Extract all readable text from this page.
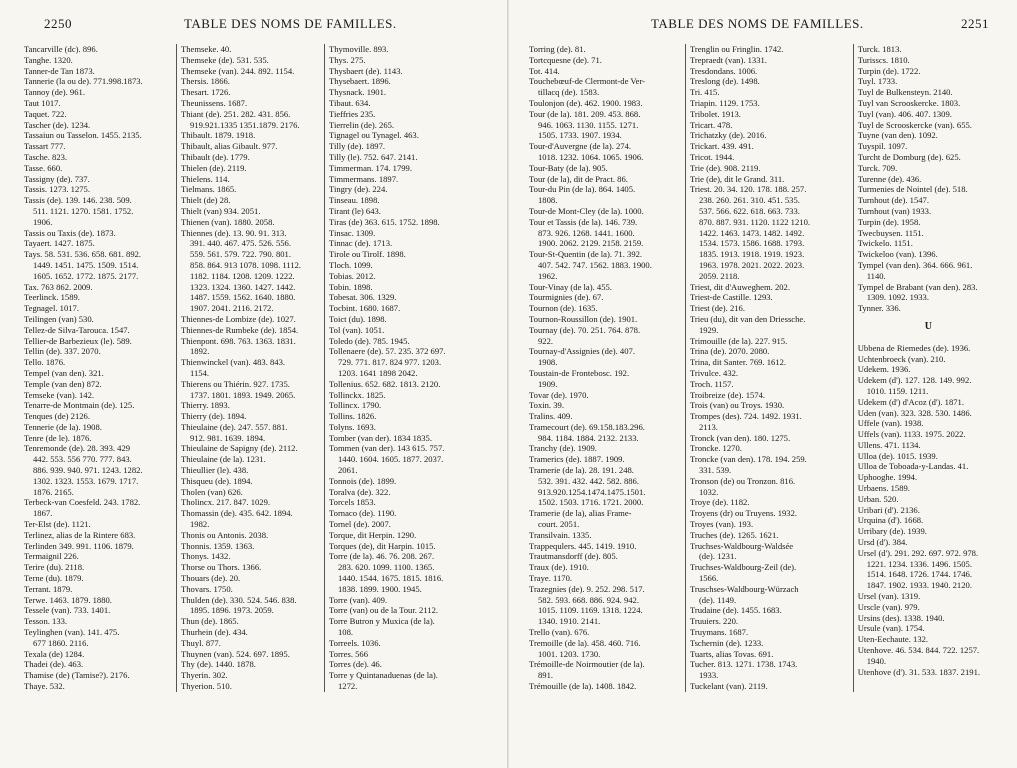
2250	TABLE DES NOMS DE FAMILLES.
Tancarville (dc). 896.
Tanghe. 1320.
Tanner-de Tan 1873.
Tannerie (la ou de). 771.998.1873.
Tannoy (de). 961.
Taut 1017.
Taquet. 722.
Tascher (de). 1234.
Tassaiun ou Tasselon. 1455. 2135.
Tassart 777.
Tasche. 823.
Tasse. 660.
Tassigny (de). 737.
Tassis. 1273. 1275.
Tassis (de). 139. 146. 238. 509.
511. 1121. 1270. 1581. 1752.
1906.
Tassis ou Taxis (de). 1873.
Tayaert. 1427. 1875.
Tays. 58. 531. 536. 658. 681. 892.
1449. 1451. 1475. 1509. 1514.
1605. 1652. 1772. 1875. 2177.
Tax. 763 862. 2009.
Teerlinck. 1589.
Tegnagel. 1017.
Teilingen (van) 530.
Tellez-de Silva-Tarouca. 1547.
Tellier-de Barbezieux (le). 589.
Tellin (de). 337. 2070.
Tello. 1876.
Tempel (van den). 321.
Temple (van den) 872.
Temseke (van). 142.
Tenarre-de Montmain (de). 125.
Tenques (de) 2126.
Tennerie (de la). 1908.
Tenre (de le). 1876.
Tenremonde (de). 28. 393. 429
442. 553. 556 770. 777. 843.
886. 939. 940. 971. 1243. 1282.
1302. 1323. 1553. 1679. 1717.
1876. 2165.
Terbeck-van Coesfeld. 243. 1782.
1867.
Ter-Elst (de). 1121.
Terlinez, alias de la Rintere 683.
Terlinden 349. 991. 1106. 1879.
Termaignil 226.
Terire (du). 2118.
Terne (du). 1879.
Terrant. 1879.
Terwe. 1463. 1879. 1880.
Tessele (van). 733. 1401.
Tesson. 133.
Teylinghen (van). 141. 475.
677 1860. 2116.
Texala (de) 1284.
Thadei (de). 463.
Thamise (de) (Tamise?). 2176.
Thaye. 532.
Themseke. 40.
Themseke (de). 531. 535.
Themseke (van). 244. 892. 1154.
Thersis. 1866.
Thesart. 1726.
Theunissens. 1687.
Thiant (de). 251. 282. 431. 856.
919.921.1335 1351.1879. 2176.
Thibault. 1879. 1918.
Thibault, alias Gibault. 977.
Thibault (de). 1779.
Thielen (de). 2119.
Thielens. 114.
Tielmans. 1865.
Thielt (de) 28.
Thielt (van) 934. 2051.
Thienen (van). 1880. 2058.
Thiennes (de). 13. 90. 91. 313.
391. 440. 467. 475. 526. 556.
559. 561. 579. 722. 790. 801.
858. 864. 913 1078. 1098. 1112.
1182. 1184. 1208. 1209. 1222.
1323. 1324. 1360. 1427. 1442.
1487. 1559. 1562. 1640. 1880.
1907. 2041. 2116. 2172.
Thiennes-de Lombize (de). 1027.
Thiennes-de Rumbeke (de). 1854.
Thienpont. 698. 763. 1363. 1831.
1892.
Thienwinckel (van). 483. 843.
1154.
Thierens ou Thiérin. 927. 1735.
1737. 1801. 1893. 1949. 2065.
Thierry. 1893.
Thierry (de). 1894.
Thieulaine (de). 247. 557. 881.
912. 981. 1639. 1894.
Thieulaine de Sapigny (de). 2112.
Thieulaine (de la). 1231.
Thieullier (le). 438.
Thisqueu (de). 1894.
Tholen (van) 626.
Tholincx. 217. 847. 1029.
Thomassin (de). 435. 642. 1894.
1982.
Thonis ou Antonis. 2038.
Thonnis. 1359. 1363.
Thonys. 1432.
Thorse ou Thors. 1366.
Thouars (de). 20.
Thovars. 1750.
Thulden (de). 330. 524. 546. 838.
1895. 1896. 1973. 2059.
Thun (de). 1865.
Thurhein (de). 434.
Thuyl. 877.
Thuynen (van). 524. 697. 1895.
Thy (de). 1440. 1878.
Thyerin. 302.
Thyerion. 510.
Thymoville. 893.
Thys. 275.
Thysbaert (de). 1143.
Thysebaert. 1896.
Thysnack. 1901.
Tibaut. 634.
Tieffries 235.
Tierrelin (de). 265.
Tignagel ou Tynagel. 463.
Tilly (de). 1897.
Tilly (le). 752. 647. 2141.
Timmerman. 174. 1799.
Timmermans. 1897.
Tingry (de). 224.
Tinseau. 1898.
Tirant (le) 643.
Tiras (de) 363. 615. 1752. 1898.
Tinsac. 1309.
Tinnac (de). 1713.
Tirole ou Tirolf. 1898.
Tloch. 1099.
Tobias. 2012.
Tobin. 1898.
Tobesat. 306. 1329.
Tocbint. 1680. 1687.
Toict (du). 1898.
Tol (van). 1051.
Toledo (de). 785. 1945.
Tollenaere (de). 57. 235. 372 697.
729. 771. 817. 824 977. 1203.
1203. 1641 1898 2042.
Tollenius. 652. 682. 1813. 2120.
Tollinckx. 1825.
Tollincx. 1790.
Tollins. 1826.
Tolyns. 1693.
Tomber (van der). 1834 1835.
Tommen (van der). 143 615. 757.
1440. 1604. 1605. 1877. 2037.
2061.
Tonnois (de). 1899.
Toralva (de). 322.
Torcels 1853.
Tornaco (de). 1190.
Tornel (de). 2007.
Torque, dit Herpin. 1290.
Torques (de), dit Harpin. 1015.
Torre (de la). 46. 76. 208. 267.
283. 620. 1099. 1100. 1365.
1440. 1544. 1675. 1815. 1816.
1838. 1899. 1900. 1945.
Torre (van). 409.
Torre (van) ou de la Tour. 2112.
Torre Butron y Muxica (de la).
108.
Torreels. 1036.
Torres. 566
Torres (de). 46.
Torre y Quintanaduenas (de la).
1272.
TABLE DES NOMS DE FAMILLES.	2251
Torring (de). 81.
Tortcquesne (de). 71.
Tot. 414.
Touchebœuf-de Clermont-de Ver-
tillacq (de). 1583.
Toulonjon (de). 462. 1900. 1983.
Tour (de la). 181. 209. 453. 868.
946. 1063. 1130. 1155. 1271.
1505. 1733. 1907. 1934.
Tour-d'Auvergne (de la). 274.
1018. 1232. 1064. 1065. 1906.
Tour-Baty (de la). 905.
Tour (de la), dit de Pract. 86.
Tour-du Pin (de la). 864. 1405.
1808.
Tour-de Mont-Cley (de la). 1000.
Tour et Tassis (de la). 146. 739.
873. 926. 1268. 1441. 1600.
1900. 2062. 2129. 2158. 2159.
Tour-St-Quentin (de la). 71. 392.
407. 542. 747. 1562. 1883. 1900.
1962.
Tour-Vinay (de la). 455.
Tourmignies (de). 67.
Tournon (de). 1635.
Tournon-Roussillon (de). 1901.
Tournay (de). 70. 251. 764. 878.
922.
Tournay-d'Assignies (de). 407.
1908.
Toustain-de Frontebosc. 192.
1909.
Tovar (de). 1970.
Toxin. 39.
Tralins. 409.
Tramecourt (de). 69.158.183.296.
984. 1184. 1884. 2132. 2133.
Tranchy (de). 1909.
Tramerics (de). 1887. 1909.
Tramerie (de la). 28. 191. 248.
532. 391. 432. 442. 582. 886.
913.920.1254.1474.1475.1501.
1502. 1503. 1716. 1721. 2000.
Tramerie (de la), alias Frame-
court. 2051.
Transilvain. 1335.
Trappequlers. 445. 1419. 1910.
Trautmansdorff (de). 805.
Traux (de). 1910.
Traye. 1170.
Trazegnies (de). 9. 252. 298. 517.
582. 593. 668. 886. 924. 942.
1015. 1109. 1169. 1318. 1224.
1340. 1910. 2141.
Trello (van). 676.
Tremoille (de la). 458. 460. 716.
1001. 1203. 1730.
Trémoille-de Noirmoutier (de la).
891.
Trémouille (de la). 1408. 1842.
Trenglin ou Fringlin. 1742.
Trepraedt (van). 1331.
Tresdondans. 1006.
Treslong (de). 1498.
Tri. 415.
Triapin. 1129. 1753.
Tribolet. 1913.
Tricart. 478.
Trichatzky (de). 2016.
Trickart. 439. 491.
Tricot. 1944.
Trie (de). 908. 2119.
Trie (de), dit le Grand. 311.
Triest. 20. 34. 120. 178. 188. 257.
238. 260. 261. 310. 451. 535.
537. 566. 622. 618. 663. 733.
870. 887. 931. 1120. 1122 1210.
1422. 1463. 1473. 1482. 1492.
1534. 1573. 1586. 1688. 1793.
1835. 1913. 1918. 1919. 1923.
1963. 1978. 2021. 2022. 2023.
2059. 2118.
Triest, dit d'Auweghem. 202.
Triest-de Castille. 1293.
Triest (de). 216.
Trieu (du), dit van den Driessche.
1929.
Trimouille (de la). 227. 915.
Trina (de). 2070. 2080.
Trina, dit Santer. 769. 1612.
Trivulce. 432.
Troch. 1157.
Troibreize (de). 1574.
Trois (van) ou Troys. 1930.
Trompes (des). 724. 1492. 1931.
2113.
Tronck (van den). 180. 1275.
Troncke. 1270.
Troncke (van den). 178. 194. 259.
331. 539.
Tronson (de) ou Tronzon. 816.
1032.
Troye (de). 1182.
Troyens (dr) ou Truyens. 1932.
Troyes (van). 193.
Truches (de). 1265. 1621.
Truchses-Waldbourg-Waldsée
(de). 1231.
Truchses-Waldbourg-Zeil (de).
1566.
Truschses-Waldbourg-Würzach
(de). 1149.
Trudaine (de). 1455. 1683.
Truuiers. 220.
Truymans. 1687.
Tschernin (de). 1233.
Tuarts, alias Tovas. 691.
Tucher. 813. 1271. 1738. 1743.
1933.
Tuckelant (van). 2119.
Turck. 1813.
Turisscs. 1810.
Turpin (de). 1722.
Tuyl. 1733.
Tuyl de Bulkensteyn. 2140.
Tuyl van Scrooskercke. 1803.
Tuyl (van). 406. 407. 1309.
Tuyl de Scrooskercke (van). 655.
Tuyne (van den). 1092.
Tuyspil. 1097.
Turcht de Domburg (de). 625.
Turck. 709.
Turenne (de). 436.
Turmenies de Nointel (de). 518.
Turnhout (de). 1547.
Turnhout (van) 1933.
Turpin (de). 1958.
Twecbuysen. 1151.
Twickelo. 1151.
Twickeloo (van). 1396.
Tympel (van den). 364. 666. 961.
1140.
Tympel de Brabant (van den). 283.
1309. 1092. 1933.
Tynner. 336.
U
Ubbena de Riemedes (de). 1936.
Uchtenbroeck (van). 210.
Udekem. 1936.
Udekem (d'). 127. 128. 149. 992.
1010. 1159. 1211.
Udekem (d') d'Acoz (d'). 1871.
Uden (van). 323. 328. 530. 1486.
Uffele (van). 1938.
Uffels (van). 1133. 1975. 2022.
Ullens. 471. 1134.
Ulloa (de). 1015. 1939.
Ulloa de Toboada-y-Landas. 41.
Uphooghe. 1994.
Urbaens. 1589.
Urban. 520.
Uribari (d'). 2136.
Urquina (d'). 1668.
Urribary (de). 1939.
Ursd (d'). 384.
Ursel (d'). 291. 292. 697. 972. 978.
1221. 1234. 1336. 1496. 1505.
1514. 1648. 1726. 1744. 1746.
1847. 1902. 1933. 1940. 2120.
Ursel (van). 1319.
Urscle (van). 979.
Ursins (des). 1338. 1940.
Ursule (van). 1754.
Uten-Eechaute. 132.
Utenhove. 46. 534. 844. 722. 1257.
1940.
Utenhove (d'). 31. 533. 1837. 2191.
